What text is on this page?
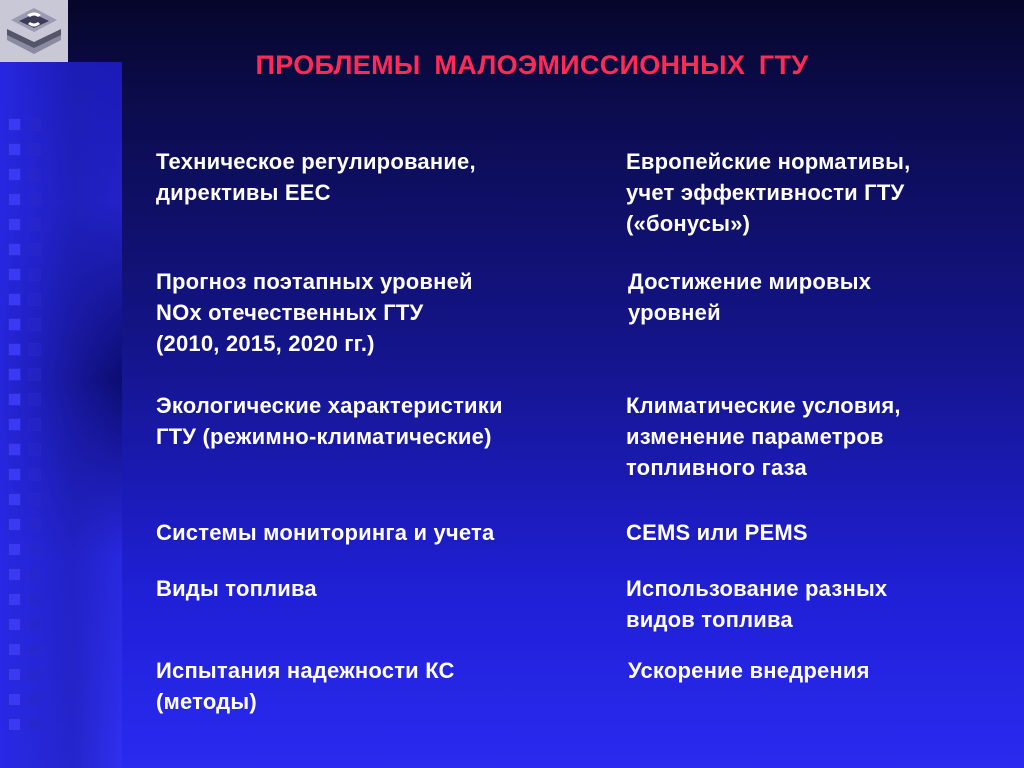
ПРОБЛЕМЫ МАЛОЭМИССИОННЫХ ГТУ
Техническое регулирование,
директивы ЕЕС
Европейские нормативы,
учет эффективности ГТУ
(«бонусы»)
Прогноз поэтапных уровней
NOx отечественных ГТУ
(2010, 2015, 2020 гг.)
Достижение мировых
уровней
Экологические характеристики
ГТУ (режимно-климатические)
Климатические условия,
изменение параметров
топливного газа
Системы мониторинга и учета	CEMS или PEMS
Виды топлива	Использование разных
видов топлива
Испытания надежности КС
(методы)
Ускорение внедрения
